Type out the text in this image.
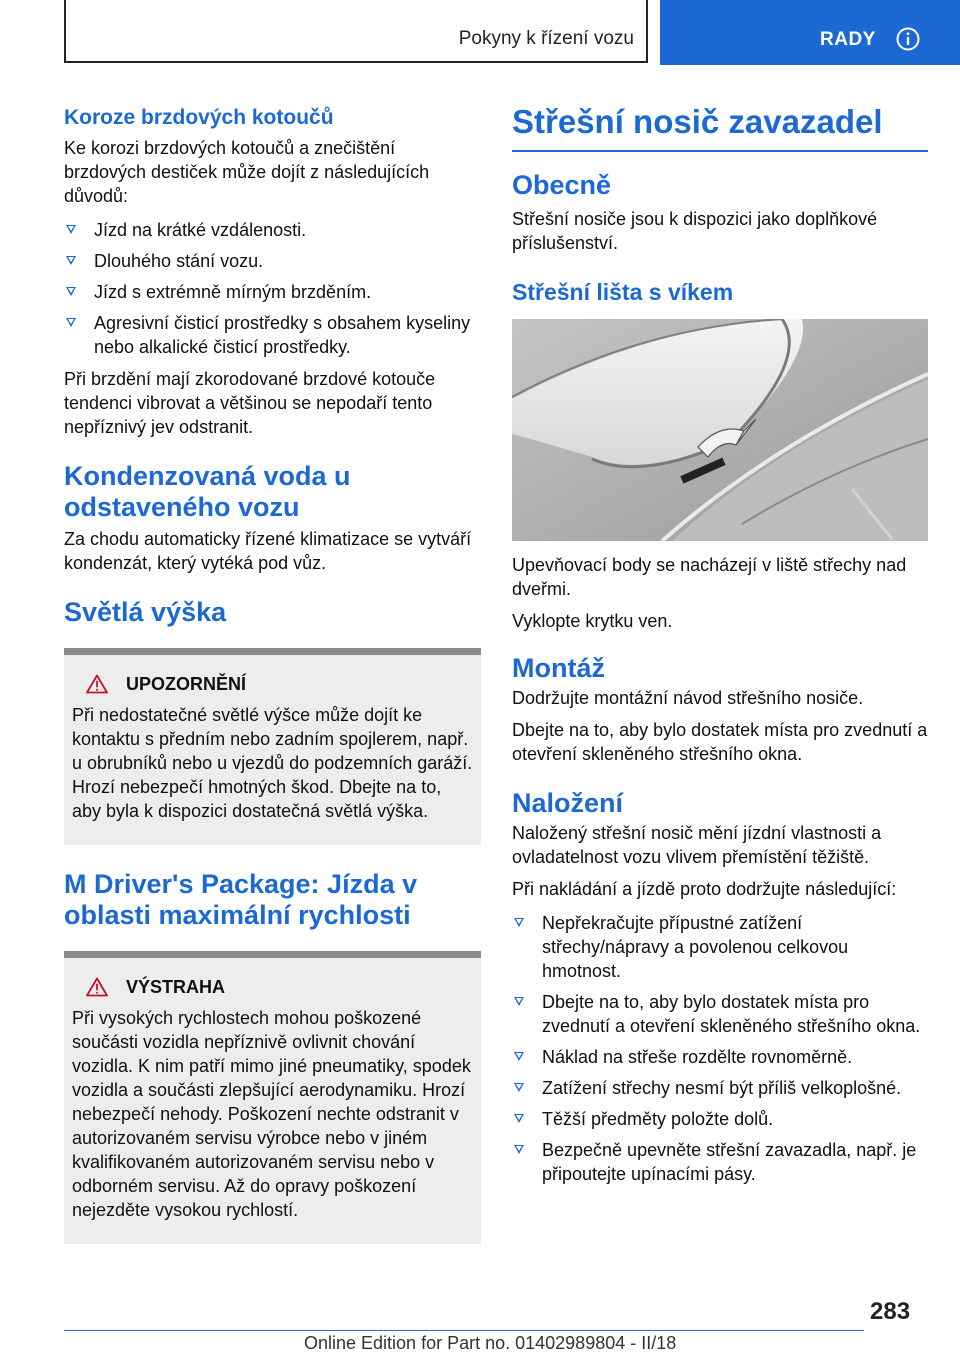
Pokyny k řízení vozu	RADY
Koroze brzdových kotoučů

Ke korozi brzdových kotoučů a znečištění brzdových destiček může dojít z následujících důvodů:

Jízd na krátké vzdálenosti.
Dlouhého stání vozu.
Jízd s extrémně mírným brzděním.
Agresivní čisticí prostředky s obsahem kyseliny nebo alkalické čisticí prostředky.

Při brzdění mají zkorodované brzdové kotouče tendenci vibrovat a většinou se nepodaří tento nepříznivý jev odstranit.

Kondenzovaná voda u odstaveného vozu

Za chodu automaticky řízené klimatizace se vytváří kondenzát, který vytéká pod vůz.

Světlá výška
UPOZORNĚNÍ

Při nedostatečné světlé výšce může dojít ke kontaktu s předním nebo zadním spojlerem, např. u obrubníků nebo u vjezdů do podzemních garáží. Hrozí nebezpečí hmotných škod. Dbejte na to, aby byla k dispozici dostatečná světlá výška.

M Driver's Package: Jízda v oblasti maximální rychlosti
VÝSTRAHA

Při vysokých rychlostech mohou poškozené součásti vozidla nepříznivě ovlivnit chování vozidla. K nim patří mimo jiné pneumatiky, spodek vozidla a součásti zlepšující aerodynamiku. Hrozí nebezpečí nehody. Poškození nechte odstranit v autorizovaném servisu výrobce nebo v jiném kvalifikovaném autorizovaném servisu nebo v odborném servisu. Až do opravy poškození nejezděte vysokou rychlostí.

Střešní nosič zavazadel
Obecně

Střešní nosiče jsou k dispozici jako doplňkové příslušenství.

Střešní lišta s víkem

Upevňovací body se nacházejí v liště střechy nad dveřmi.

Vyklopte krytku ven.

Montáž

Dodržujte montážní návod střešního nosiče.

Dbejte na to, aby bylo dostatek místa pro zvednutí a otevření skleněného střešního okna.

Naložení

Naložený střešní nosič mění jízdní vlastnosti a ovladatelnost vozu vlivem přemístění těžiště.

Při nakládání a jízdě proto dodržujte následující:

Nepřekračujte přípustné zatížení střechy/nápravy a povolenou celkovou hmotnost.
Dbejte na to, aby bylo dostatek místa pro zvednutí a otevření skleněného střešního okna.
Náklad na střeše rozdělte rovnoměrně.
Zatížení střechy nesmí být příliš velkoplošné.
Těžší předměty položte dolů.
Bezpečně upevněte střešní zavazadla, např. je připoutejte upínacími pásy.
283
Online Edition for Part no. 01402989804 - II/18
